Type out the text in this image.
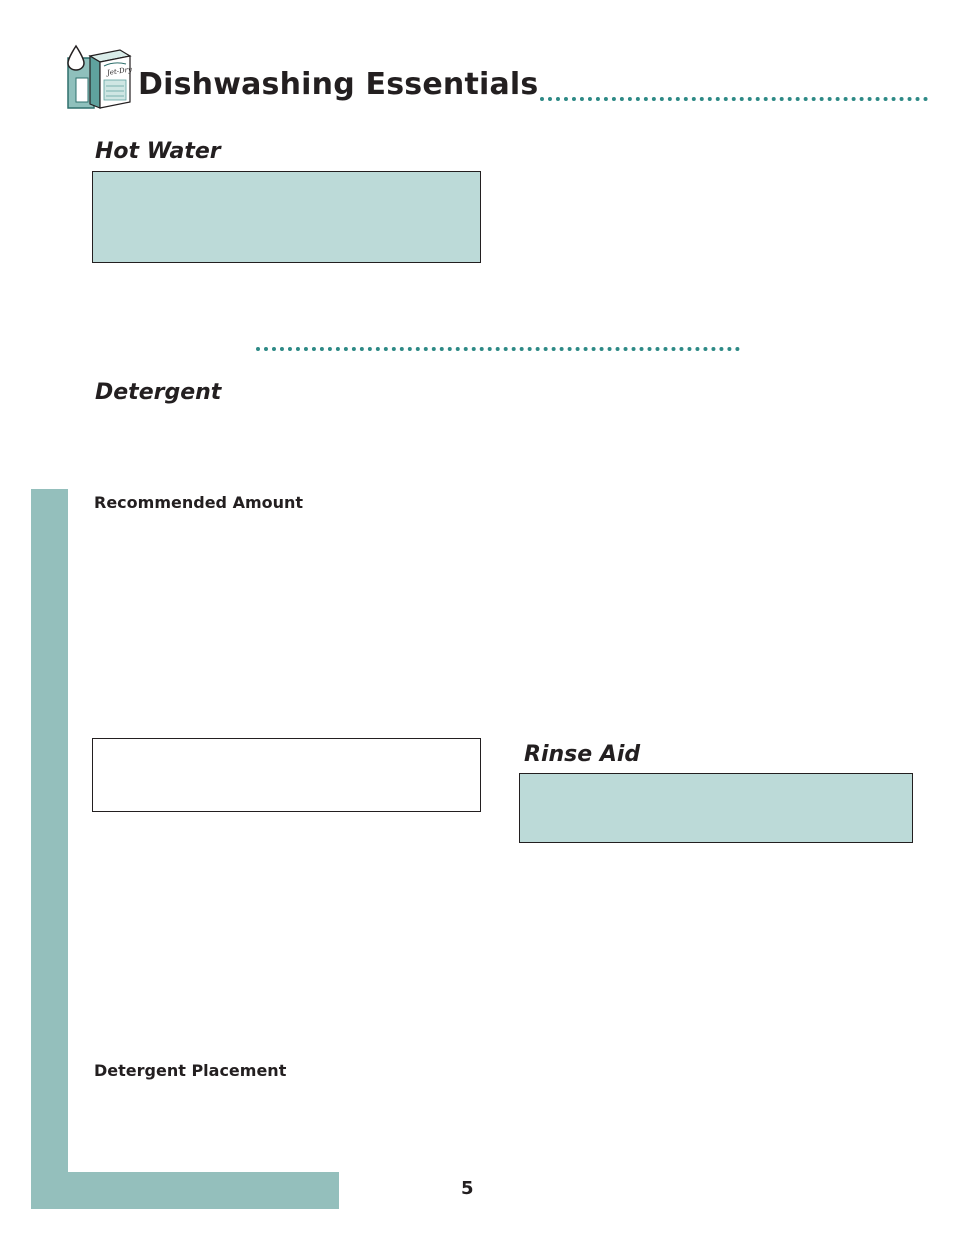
Jet-Dry Dishwashing Essentials
Hot Water
Detergent
Recommended Amount
Rinse Aid
Detergent Placement
5
